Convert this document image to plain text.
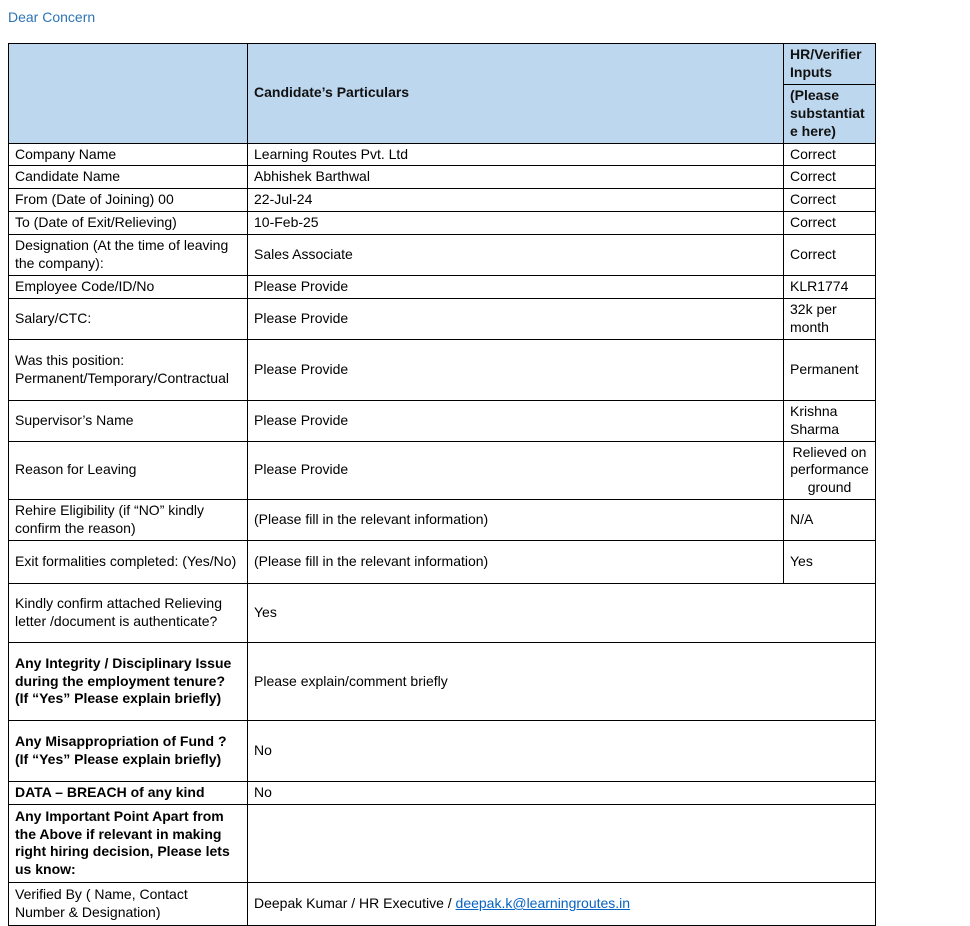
Dear Concern
	Candidate’s Particulars	HR/Verifier Inputs
		(Please substantiate here)
Company Name	Learning Routes Pvt. Ltd	Correct
Candidate Name	Abhishek Barthwal	Correct
From (Date of Joining) 00	22-Jul-24	Correct
To (Date of Exit/Relieving)	10-Feb-25	Correct
Designation (At the time of leaving the company):	Sales Associate	Correct
Employee Code/ID/No	Please Provide	KLR1774
Salary/CTC:	Please Provide	32k per month
Was this position: Permanent/Temporary/Contractual	Please Provide	Permanent
Supervisor’s Name	Please Provide	Krishna Sharma
Reason for Leaving	Please Provide	Relieved on performance ground
Rehire Eligibility (if “NO” kindly confirm the reason)	(Please fill in the relevant information)	N/A
Exit formalities completed: (Yes/No)	(Please fill in the relevant information)	Yes
Kindly confirm attached Relieving letter /document is authenticate?	Yes	
Any Integrity / Disciplinary Issue during the employment tenure? (If “Yes” Please explain briefly)	Please explain/comment briefly	
Any Misappropriation of Fund ? (If “Yes” Please explain briefly)	No	
DATA – BREACH of any kind	No	
Any Important Point Apart from the Above if relevant in making right hiring decision, Please lets us know:		
Verified By ( Name, Contact Number & Designation)	Deepak Kumar / HR Executive / deepak.k@learningroutes.in	
